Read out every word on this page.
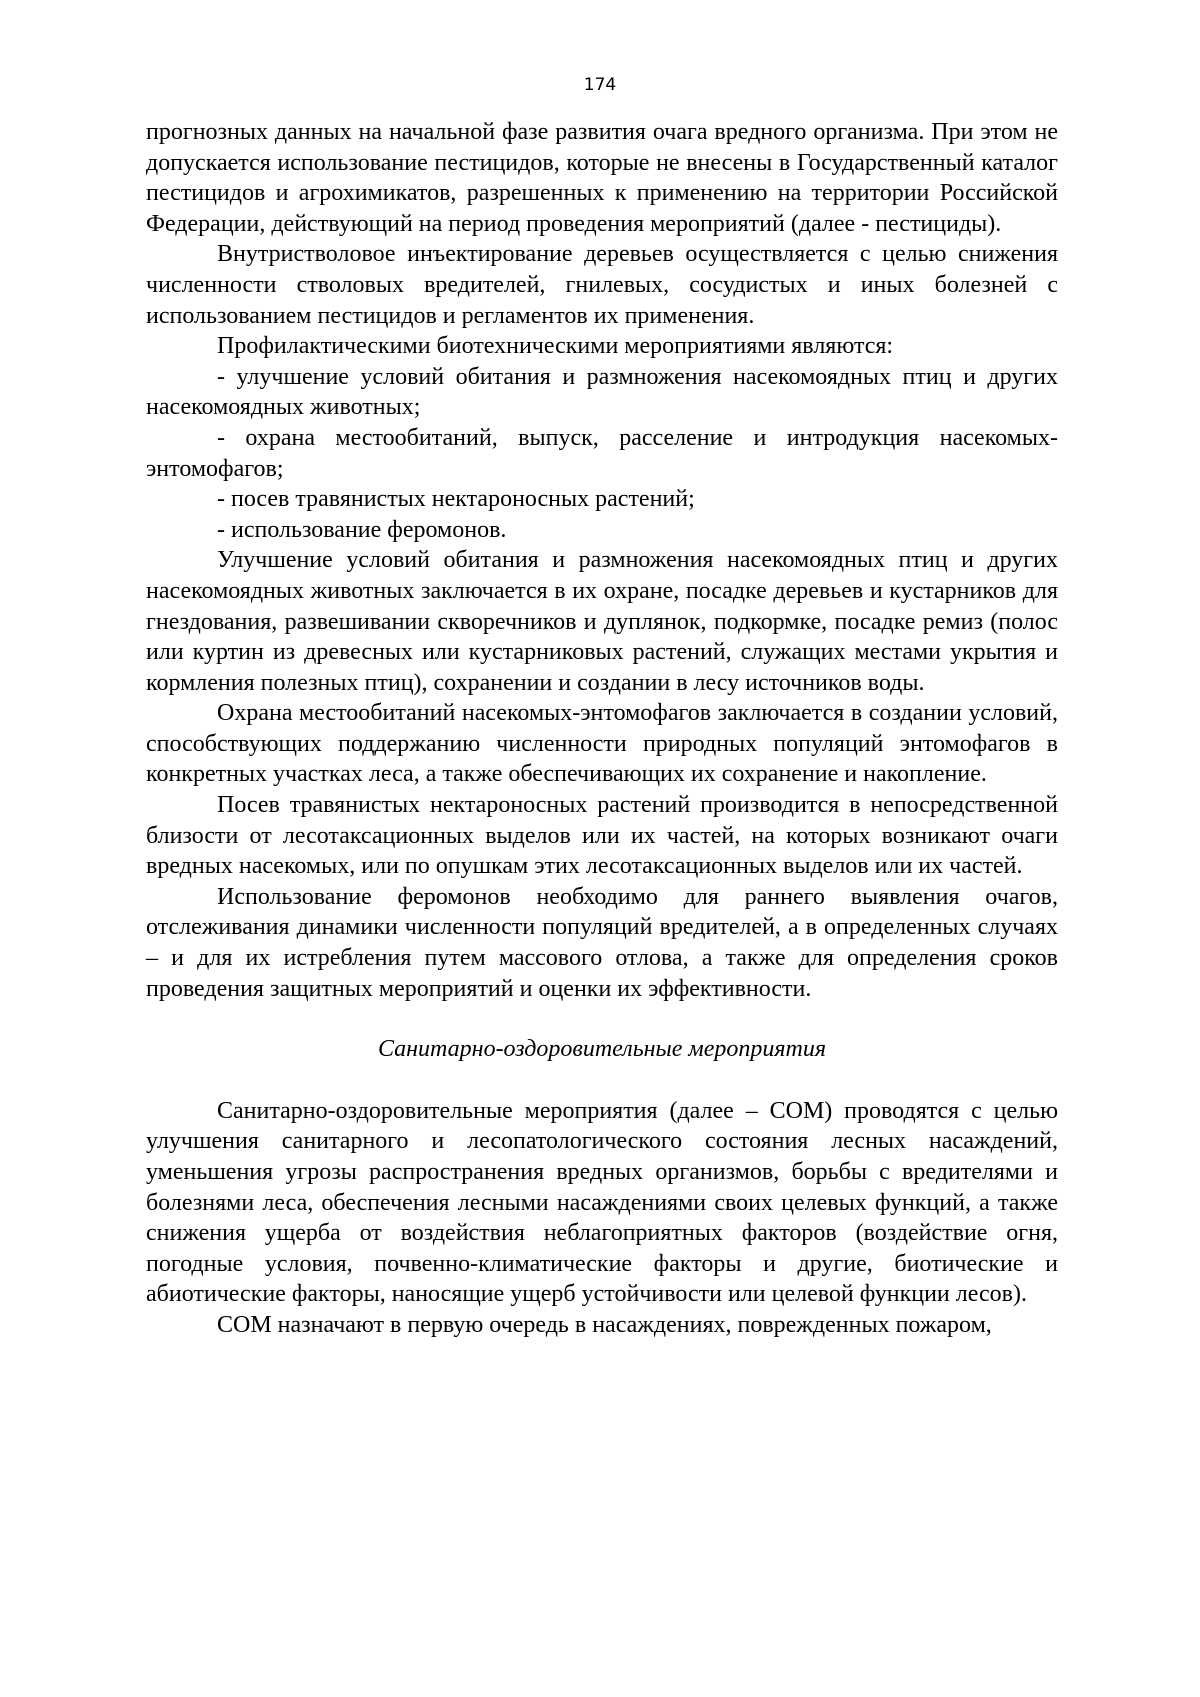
174

прогнозных данных на начальной фазе развития очага вредного организма. При этом не допускается использование пестицидов, которые не внесены в Государственный каталог пестицидов и агрохимикатов, разрешенных к применению на территории Российской Федерации, действующий на период проведения мероприятий (далее - пестициды).

Внутристволовое инъектирование деревьев осуществляется с целью снижения численности стволовых вредителей, гнилевых, сосудистых и иных болезней с использованием пестицидов и регламентов их применения.

Профилактическими биотехническими мероприятиями являются:

- улучшение условий обитания и размножения насекомоядных птиц и других насекомоядных животных;

- охрана местообитаний, выпуск, расселение и интродукция насекомых-энтомофагов;

- посев травянистых нектароносных растений;

- использование феромонов.

Улучшение условий обитания и размножения насекомоядных птиц и других насекомоядных животных заключается в их охране, посадке деревьев и кустарников для гнездования, развешивании скворечников и дуплянок, подкормке, посадке ремиз (полос или куртин из древесных или кустарниковых растений, служащих местами укрытия и кормления полезных птиц), сохранении и создании в лесу источников воды.

Охрана местообитаний насекомых-энтомофагов заключается в создании условий, способствующих поддержанию численности природных популяций энтомофагов в конкретных участках леса, а также обеспечивающих их сохранение и накопление.

Посев травянистых нектароносных растений производится в непосредственной близости от лесотаксационных выделов или их частей, на которых возникают очаги вредных насекомых, или по опушкам этих лесотаксационных выделов или их частей.

Использование феромонов необходимо для раннего выявления очагов, отслеживания динамики численности популяций вредителей, а в определенных случаях – и для их истребления путем массового отлова, а также для определения сроков проведения защитных мероприятий и оценки их эффективности.

Санитарно-оздоровительные мероприятия

Санитарно-оздоровительные мероприятия (далее – СОМ) проводятся с целью улучшения санитарного и лесопатологического состояния лесных насаждений, уменьшения угрозы распространения вредных организмов, борьбы с вредителями и болезнями леса, обеспечения лесными насаждениями своих целевых функций, а также снижения ущерба от воздействия неблагоприятных факторов (воздействие огня, погодные условия, почвенно-климатические факторы и другие, биотические и абиотические факторы, наносящие ущерб устойчивости или целевой функции лесов).

СОМ назначают в первую очередь в насаждениях, поврежденных пожаром,
